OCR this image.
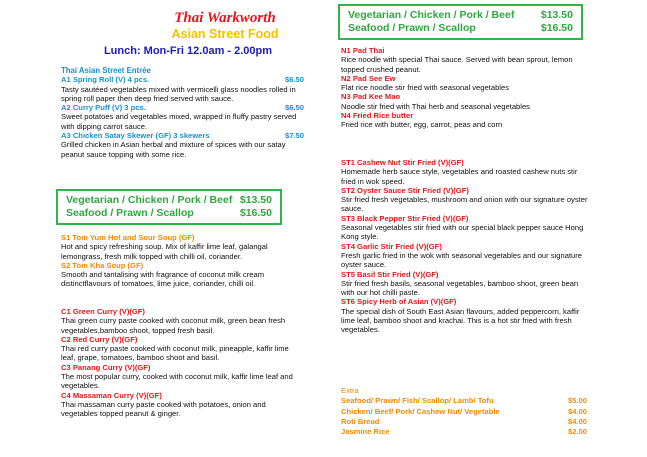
Thai Warkworth
Asian Street Food
Lunch: Mon-Fri 12.0am - 2.00pm
Thai Asian Street Entrée
A1 Spring Roll (V) 4 pcs.	$6.50
Tasty sautéed vegetables mixed with vermicelli glass noodles rolled in spring roll paper then deep fried served with sauce.
A2 Curry Puff (V) 3 pcs.	$6.50
Sweet potatoes and vegetables mixed, wrapped in fluffy pastry served with dipping carrot sauce.
A3 Chicken Satay Skewer (GF) 3 skewers	$7.50
Grilled chicken in Asian herbal and mixture of spices with our satay peanut sauce topping with some rice.
Vegetarian / Chicken / Pork / Beef $13.50
Seafood / Prawn / Scallop	$16.50
S1 Tom Yum Hot and Sour Soup (GF)
Hot and spicy refreshing soup. Mix of kaffir lime leaf, galangal lemongrass, fresh milk topped with chilli oil, coriander.
S2 Tom Kha Soup (GF)
Smooth and tantalising with fragrance of coconut milk cream distinctflavours of tomatoes, lime juice, coriander, chilli oil.
C1 Green Curry (V)(GF)
Thai green curry paste cooked with coconut milk, green bean fresh vegetables,bamboo shoot, topped fresh basil.
C2 Red Curry (V)(GF)
Thai red curry paste cooked with coconut milk, pineapple, kaffir lime leaf, grape, tomatoes, bamboo shoot and basil.
C3 Panang Curry (V)(GF)
The most popular curry, cooked with coconut milk, kaffir lime leaf and vegetables.
C4 Massaman Curry (V)(GF)
Thai massaman curry paste cooked with potatoes, onion and vegetables topped peanut & ginger.
Vegetarian / Chicken / Pork / Beef	$13.50
Seafood / Prawn / Scallop	$16.50
N1 Pad Thai
Rice noodle with special Thai sauce. Served with bean sprout, lemon topped crushed peanut.
N2 Pad See Ew
Flat rice noodle stir fried with seasonal vegetables
N3 Pad Kee Mao
Noodle stir fried with Thai herb and seasonal vegetables
N4 Fried Rice butter
Fried rice with butter, egg, carrot, peas and corn
ST1 Cashew Nut Stir Fried (V)(GF)
Homemade herb sauce style, vegetables and roasted cashew nuts stir fried in wok speed.
ST2 Oyster Sauce Stir Fried (V)(GF)
Stir fried fresh vegetables, mushroom and onion with our signature oyster sauce.
ST3 Black Pepper Stir Fried (V)(GF)
Seasonal vegetables stir fried with our special black pepper sauce Hong Kong style.
ST4 Garlic Stir Fried (V)(GF)
Fresh garlic fried in the wok with seasonal vegetables and our signature oyster sauce.
ST5 Basil Stir Fried (V)(GF)
Stir fried fresh basils, seasonal vegetables, bamboo shoot, green bean with our hot chilli paste.
ST6 Spicy Herb of Asian (V)(GF)
The special dish of South East Asian flavours, added peppercorn, kaffir lime leaf, bamboo shoot and krachai. This is a hot stir fried with fresh vegetables.
Extra
Seafood/ Prawn/ Fish/ Scallop/ Lamb/ Tofu	$5.00
Chicken/ Beef/ Pork/ Cashew Nut/ Vegetable	$4.00
Roti Bread	$4.00
Jasmine Rice	$2.00
